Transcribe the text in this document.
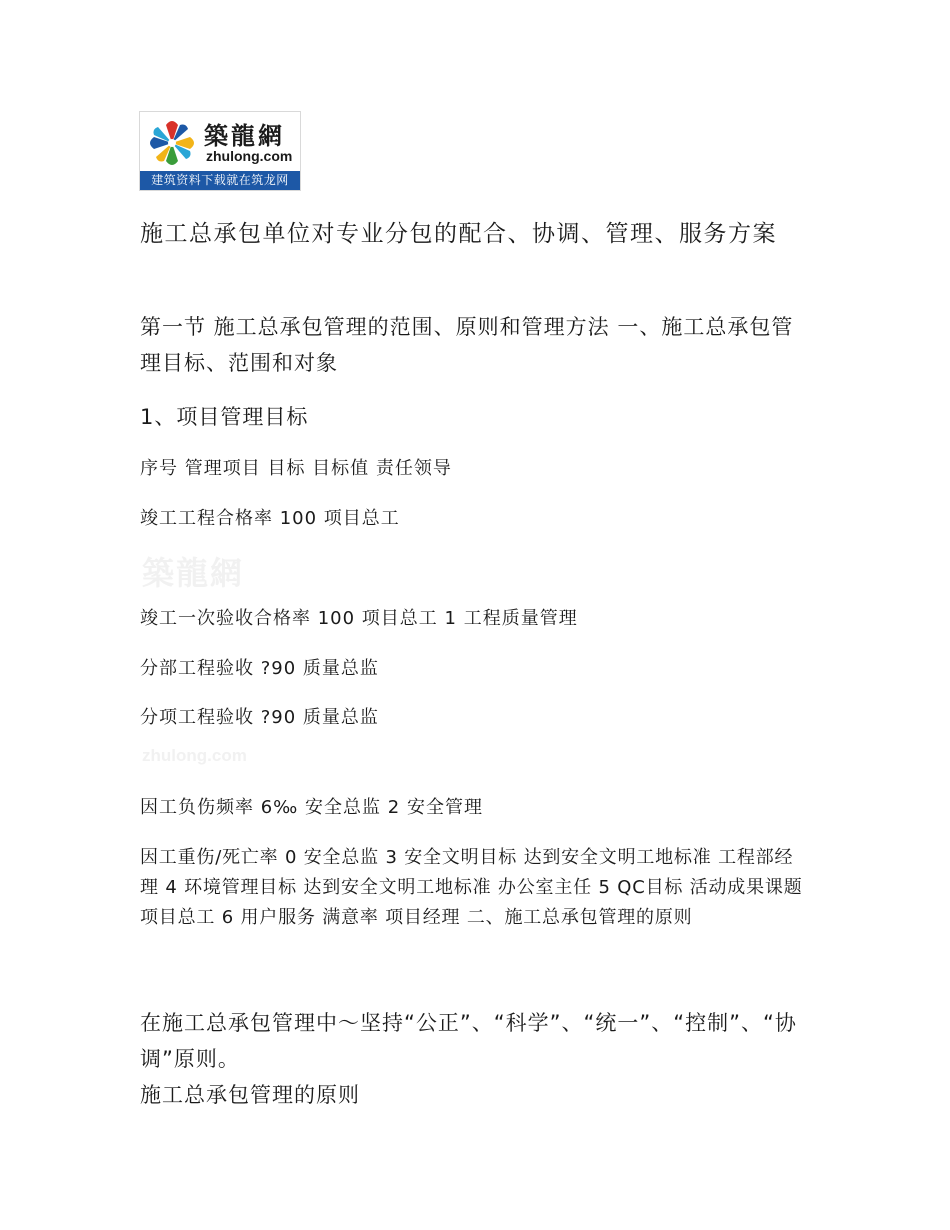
築龍網
zhulong.com
建筑资料下载就在筑龙网

施工总承包单位对专业分包的配合、协调、管理、服务方案

第一节 施工总承包管理的范围、原则和管理方法 一、施工总承包管理目标、范围和对象

1、项目管理目标

序号 管理项目 目标 目标值 责任领导

竣工工程合格率 100 项目总工

築龍網

竣工一次验收合格率 100 项目总工 1 工程质量管理

分部工程验收 ?90 质量总监

分项工程验收 ?90 质量总监

zhulong.com

因工负伤频率 6‰ 安全总监 2 安全管理

因工重伤/死亡率 0 安全总监 3 安全文明目标 达到安全文明工地标准 工程部经理 4 环境管理目标 达到安全文明工地标准 办公室主任 5 QC目标 活动成果课题 项目总工 6 用户服务 满意率 项目经理 二、施工总承包管理的原则

在施工总承包管理中～坚持“公正”、“科学”、“统一”、“控制”、“协调”原则。

施工总承包管理的原则
